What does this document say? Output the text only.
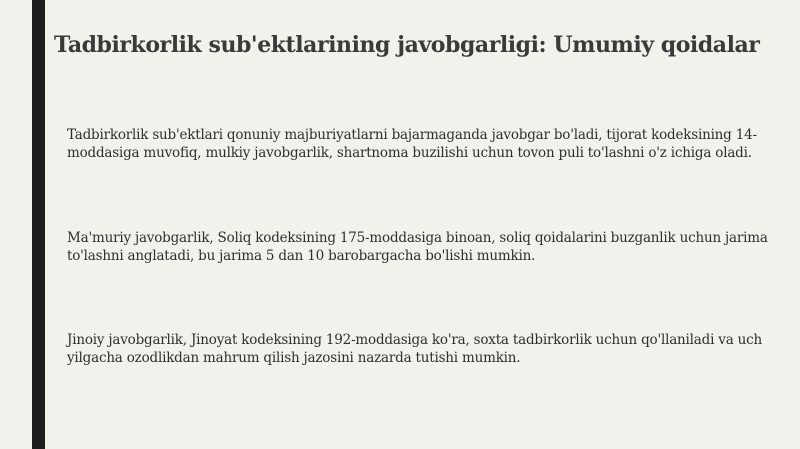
Tadbirkorlik sub'ektlarining javobgarligi: Umumiy qoidalar

Tadbirkorlik sub'ektlari qonuniy majburiyatlarni bajarmaganda javobgar bo'ladi, tijorat kodeksining 14-moddasiga muvofiq, mulkiy javobgarlik, shartnoma buzilishi uchun tovon puli to'lashni o'z ichiga oladi.

Ma'muriy javobgarlik, Soliq kodeksining 175-moddasiga binoan, soliq qoidalarini buzganlik uchun jarima to'lashni anglatadi, bu jarima 5 dan 10 barobargacha bo'lishi mumkin.

Jinoiy javobgarlik, Jinoyat kodeksining 192-moddasiga ko'ra, soxta tadbirkorlik uchun qo'llaniladi va uch yilgacha ozodlikdan mahrum qilish jazosini nazarda tutishi mumkin.
